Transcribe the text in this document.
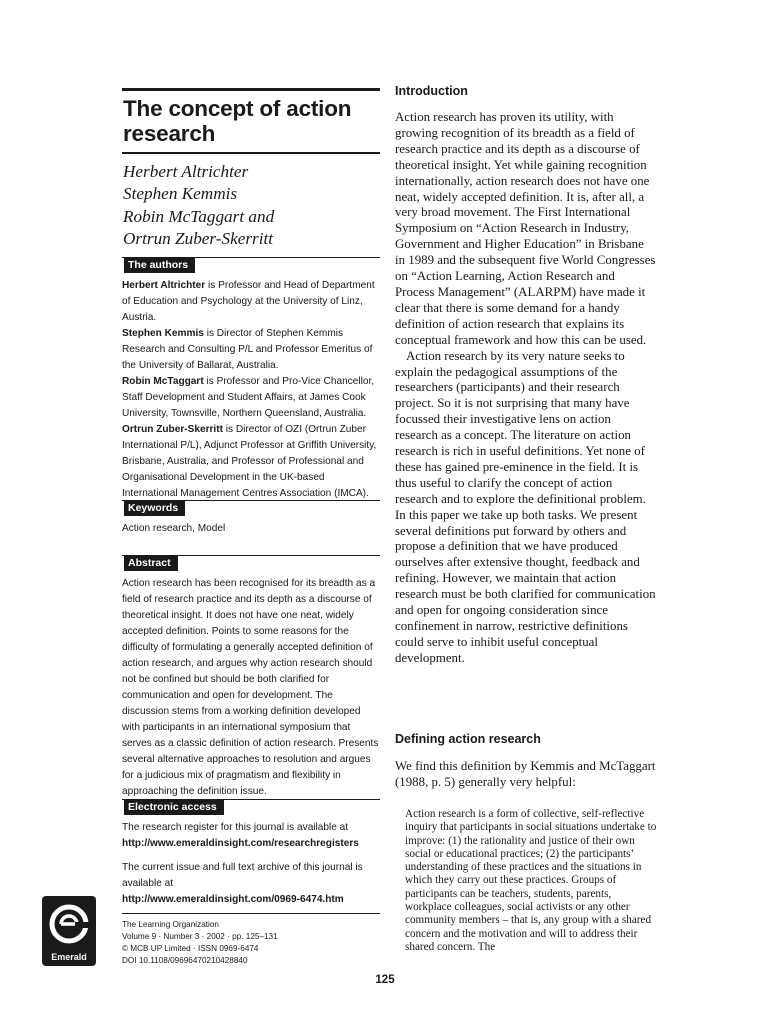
The concept of action
research
Herbert Altrichter
Stephen Kemmis
Robin McTaggart and
Ortrun Zuber-Skerritt
The authors
Herbert Altrichter is Professor and Head of Department of Education and Psychology at the University of Linz, Austria.
Stephen Kemmis is Director of Stephen Kemmis Research and Consulting P/L and Professor Emeritus of the University of Ballarat, Australia.
Robin McTaggart is Professor and Pro-Vice Chancellor, Staff Development and Student Affairs, at James Cook University, Townsville, Northern Queensland, Australia.
Ortrun Zuber-Skerritt is Director of OZI (Ortrun Zuber International P/L), Adjunct Professor at Griffith University, Brisbane, Australia, and Professor of Professional and Organisational Development in the UK-based International Management Centres Association (IMCA).
Keywords
Action research, Model
Abstract
Action research has been recognised for its breadth as a field of research practice and its depth as a discourse of theoretical insight. It does not have one neat, widely accepted definition. Points to some reasons for the difficulty of formulating a generally accepted definition of action research, and argues why action research should not be confined but should be both clarified for communication and open for development. The discussion stems from a working definition developed with participants in an international symposium that serves as a classic definition of action research. Presents several alternative approaches to resolution and argues for a judicious mix of pragmatism and flexibility in approaching the definition issue.
Electronic access
The research register for this journal is available at
http://www.emeraldinsight.com/researchregisters
The current issue and full text archive of this journal is available at
http://www.emeraldinsight.com/0969-6474.htm
The Learning Organization
Volume 9 · Number 3 · 2002 · pp. 125–131
© MCB UP Limited · ISSN 0969-6474
DOI 10.1108/09696470210428840
Emerald
Introduction

Action research has proven its utility, with growing recognition of its breadth as a field of research practice and its depth as a discourse of theoretical insight. Yet while gaining recognition internationally, action research does not have one neat, widely accepted definition. It is, after all, a very broad movement. The First International Symposium on “Action Research in Industry, Government and Higher Education” in Brisbane in 1989 and the subsequent five World Congresses on “Action Learning, Action Research and Process Management” (ALARPM) have made it clear that there is some demand for a handy definition of action research that explains its conceptual framework and how this can be used.

Action research by its very nature seeks to explain the pedagogical assumptions of the researchers (participants) and their research project. So it is not surprising that many have focussed their investigative lens on action research as a concept. The literature on action research is rich in useful definitions. Yet none of these has gained pre-eminence in the field. It is thus useful to clarify the concept of action research and to explore the definitional problem. In this paper we take up both tasks. We present several definitions put forward by others and propose a definition that we have produced ourselves after extensive thought, feedback and refining. However, we maintain that action research must be both clarified for communication and open for ongoing consideration since confinement in narrow, restrictive definitions could serve to inhibit useful conceptual development.

Defining action research

We find this definition by Kemmis and McTaggart (1988, p. 5) generally very helpful:

Action research is a form of collective, self-reflective inquiry that participants in social situations undertake to improve: (1) the rationality and justice of their own social or educational practices; (2) the participants’ understanding of these practices and the situations in which they carry out these practices. Groups of participants can be teachers, students, parents, workplace colleagues, social activists or any other community members – that is, any group with a shared concern and the motivation and will to address their shared concern. The

125
